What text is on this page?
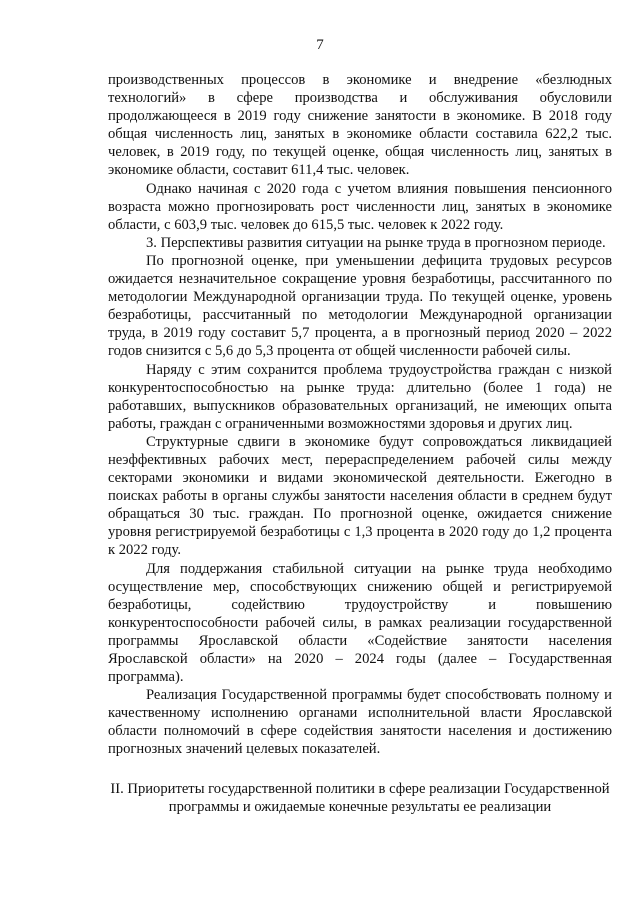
7

производственных процессов в экономике и внедрение «безлюдных технологий» в сфере производства и обслуживания обусловили продолжающееся в 2019 году снижение занятости в экономике. В 2018 году общая численность лиц, занятых в экономике области составила 622,2 тыс. человек, в 2019 году, по текущей оценке, общая численность лиц, занятых в экономике области, составит 611,4 тыс. человек.

Однако начиная с 2020 года с учетом влияния повышения пенсионного возраста можно прогнозировать рост численности лиц, занятых в экономике области, с 603,9 тыс. человек до 615,5 тыс. человек к 2022 году.

3. Перспективы развития ситуации на рынке труда в прогнозном периоде.

По прогнозной оценке, при уменьшении дефицита трудовых ресурсов ожидается незначительное сокращение уровня безработицы, рассчитанного по методологии Международной организации труда. По текущей оценке, уровень безработицы, рассчитанный по методологии Международной организации труда, в 2019 году составит 5,7 процента, а в прогнозный период 2020 – 2022 годов снизится с 5,6 до 5,3 процента от общей численности рабочей силы.

Наряду с этим сохранится проблема трудоустройства граждан с низкой конкурентоспособностью на рынке труда: длительно (более 1 года) не работавших, выпускников образовательных организаций, не имеющих опыта работы, граждан с ограниченными возможностями здоровья и других лиц.

Структурные сдвиги в экономике будут сопровождаться ликвидацией неэффективных рабочих мест, перераспределением рабочей силы между секторами экономики и видами экономической деятельности. Ежегодно в поисках работы в органы службы занятости населения области в среднем будут обращаться 30 тыс. граждан. По прогнозной оценке, ожидается снижение уровня регистрируемой безработицы с 1,3 процента в 2020 году до 1,2 процента к 2022 году.

Для поддержания стабильной ситуации на рынке труда необходимо осуществление мер, способствующих снижению общей и регистрируемой безработицы, содействию трудоустройству и повышению конкурентоспособности рабочей силы, в рамках реализации государственной программы Ярославской области «Содействие занятости населения Ярославской области» на 2020 – 2024 годы (далее – Государственная программа).

Реализация Государственной программы будет способствовать полному и качественному исполнению органами исполнительной власти Ярославской области полномочий в сфере содействия занятости населения и достижению прогнозных значений целевых показателей.

II. Приоритеты государственной политики в сфере реализации Государственной программы и ожидаемые конечные результаты ее реализации
